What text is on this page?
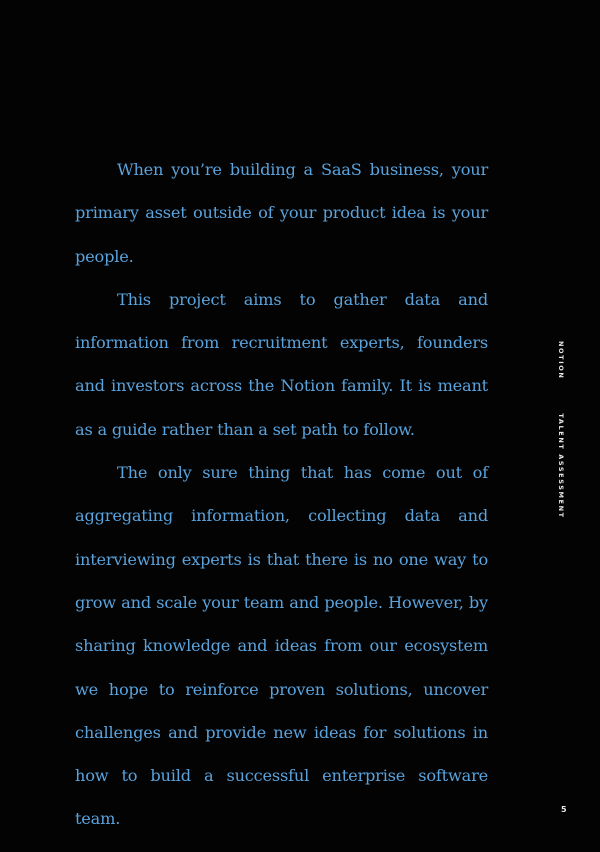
When you’re building a SaaS business, your primary asset outside of your product idea is your people.

This project aims to gather data and information from recruitment experts, founders and investors across the Notion family. It is meant as a guide rather than a set path to follow.

The only sure thing that has come out of aggregating information, collecting data and interviewing experts is that there is no one way to grow and scale your team and people. However, by sharing knowledge and ideas from our ecosystem we hope to reinforce proven solutions, uncover challenges and provide new ideas for solutions in how to build a successful enterprise software team.

NOTIONTALENT ASSESSMENT
5
